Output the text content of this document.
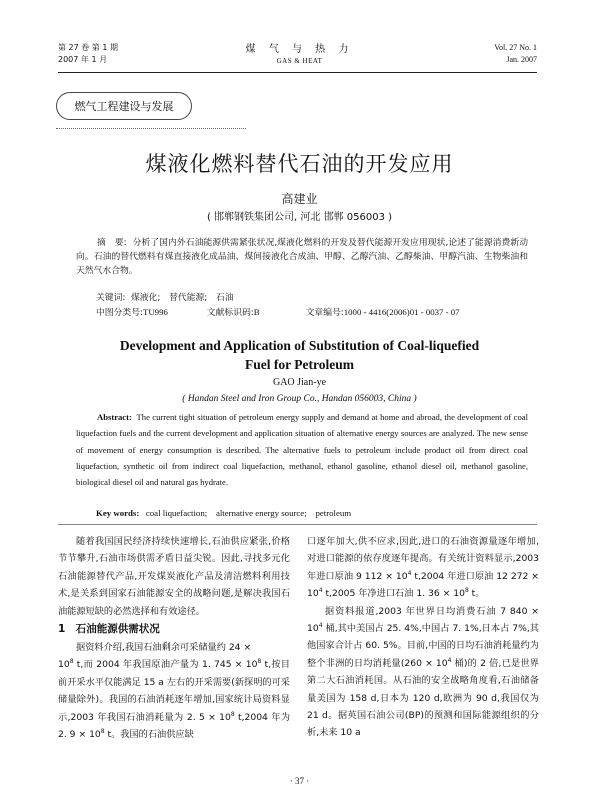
第 27 卷 第 1 期
2007 年 1 月
煤 气 与 热 力
GAS & HEAT
Vol. 27 No. 1
Jan. 2007
燃气工程建设与发展
煤液化燃料替代石油的开发应用
高建业
( 邯郸钢铁集团公司, 河北 邯郸 056003 )
摘　要: 分析了国内外石油能源供需紧张状况,煤液化燃料的开发及替代能源开发应用现状,论述了能源消费新动向。石油的替代燃料有煤直接液化成品油、煤间接液化合成油、甲醇、乙醇汽油、乙醇柴油、甲醇汽油、生物柴油和天然气水合物。
关键词: 煤液化;　替代能源;　石油
中图分类号:TU996	文献标识码:B	文章编号:1000 - 4416(2006)01 - 0037 - 07
Development and Application of Substitution of Coal-liquefied Fuel for Petroleum
GAO Jian-ye
( Handan Steel and Iron Group Co., Handan 056003, China )
Abstract: The current tight situation of petroleum energy supply and demand at home and abroad, the development of coal liquefaction fuels and the current development and application situation of alternative energy sources are analyzed. The new sense of movement of energy consumption is described. The alternative fuels to petroleum include product oil from direct coal liquefaction, synthetic oil from indirect coal liquefaction, methanol, ethanol gasoline, ethanol diesel oil, methanol gasoline, biological diesel oil and natural gas hydrate.
Key words: coal liquefaction;　alternative energy source;　petroleum

随着我国国民经济持续快速增长,石油供应紧张,价格节节攀升,石油市场供需矛盾日益尖锐。因此,寻找多元化石油能源替代产品,开发煤炭液化产品及清洁燃料利用技术,是关系到国家石油能源安全的战略问题,是解决我国石油能源短缺的必然选择和有效途径。

1　石油能源供需状况

据资料介绍,我国石油剩余可采储量约 24 ×
$10^8$ t,而 2004 年我国原油产量为 1. $745 \times 10^8$ t,按目前开采水平仅能满足 15 a 左右的开采需要(新探明的可采储量除外)。我国的石油消耗逐年增加,国家统计局资料显示,2003 年我国石油消耗量为 2. $5 \times 10^8$ t,2004 年为 2. $9 \times 10^8$ t。我国的石油供应缺

口逐年加大,供不应求,因此,进口的石油资源量逐年增加,对进口能源的依存度逐年提高。有关统计资料显示,2003 年进口原油 9 $112 \times 10^4$ t,2004 年进口原油 12 $272 \times 10^4$ t,2005 年净进口石油 1. $36 \times 10^8$ t。

据资料报道,2003 年世界日均消费石油 7 $840 \times 10^4$ 桶,其中美国占 25. 4%,中国占 7. 1%,日本占 7%,其他国家合计占 60. 5%。目前,中国的日均石油消耗量约为整个非洲的日均消耗量($260 \times 10^4$ 桶)的 2 倍,已是世界第二大石油消耗国。从石油的安全战略角度看,石油储备量美国为 158 d,日本为 120 d,欧洲为 90 d,我国仅为 21 d。据英国石油公司(BP)的预测和国际能源组织的分析,未来 10 a

· 37 ·
